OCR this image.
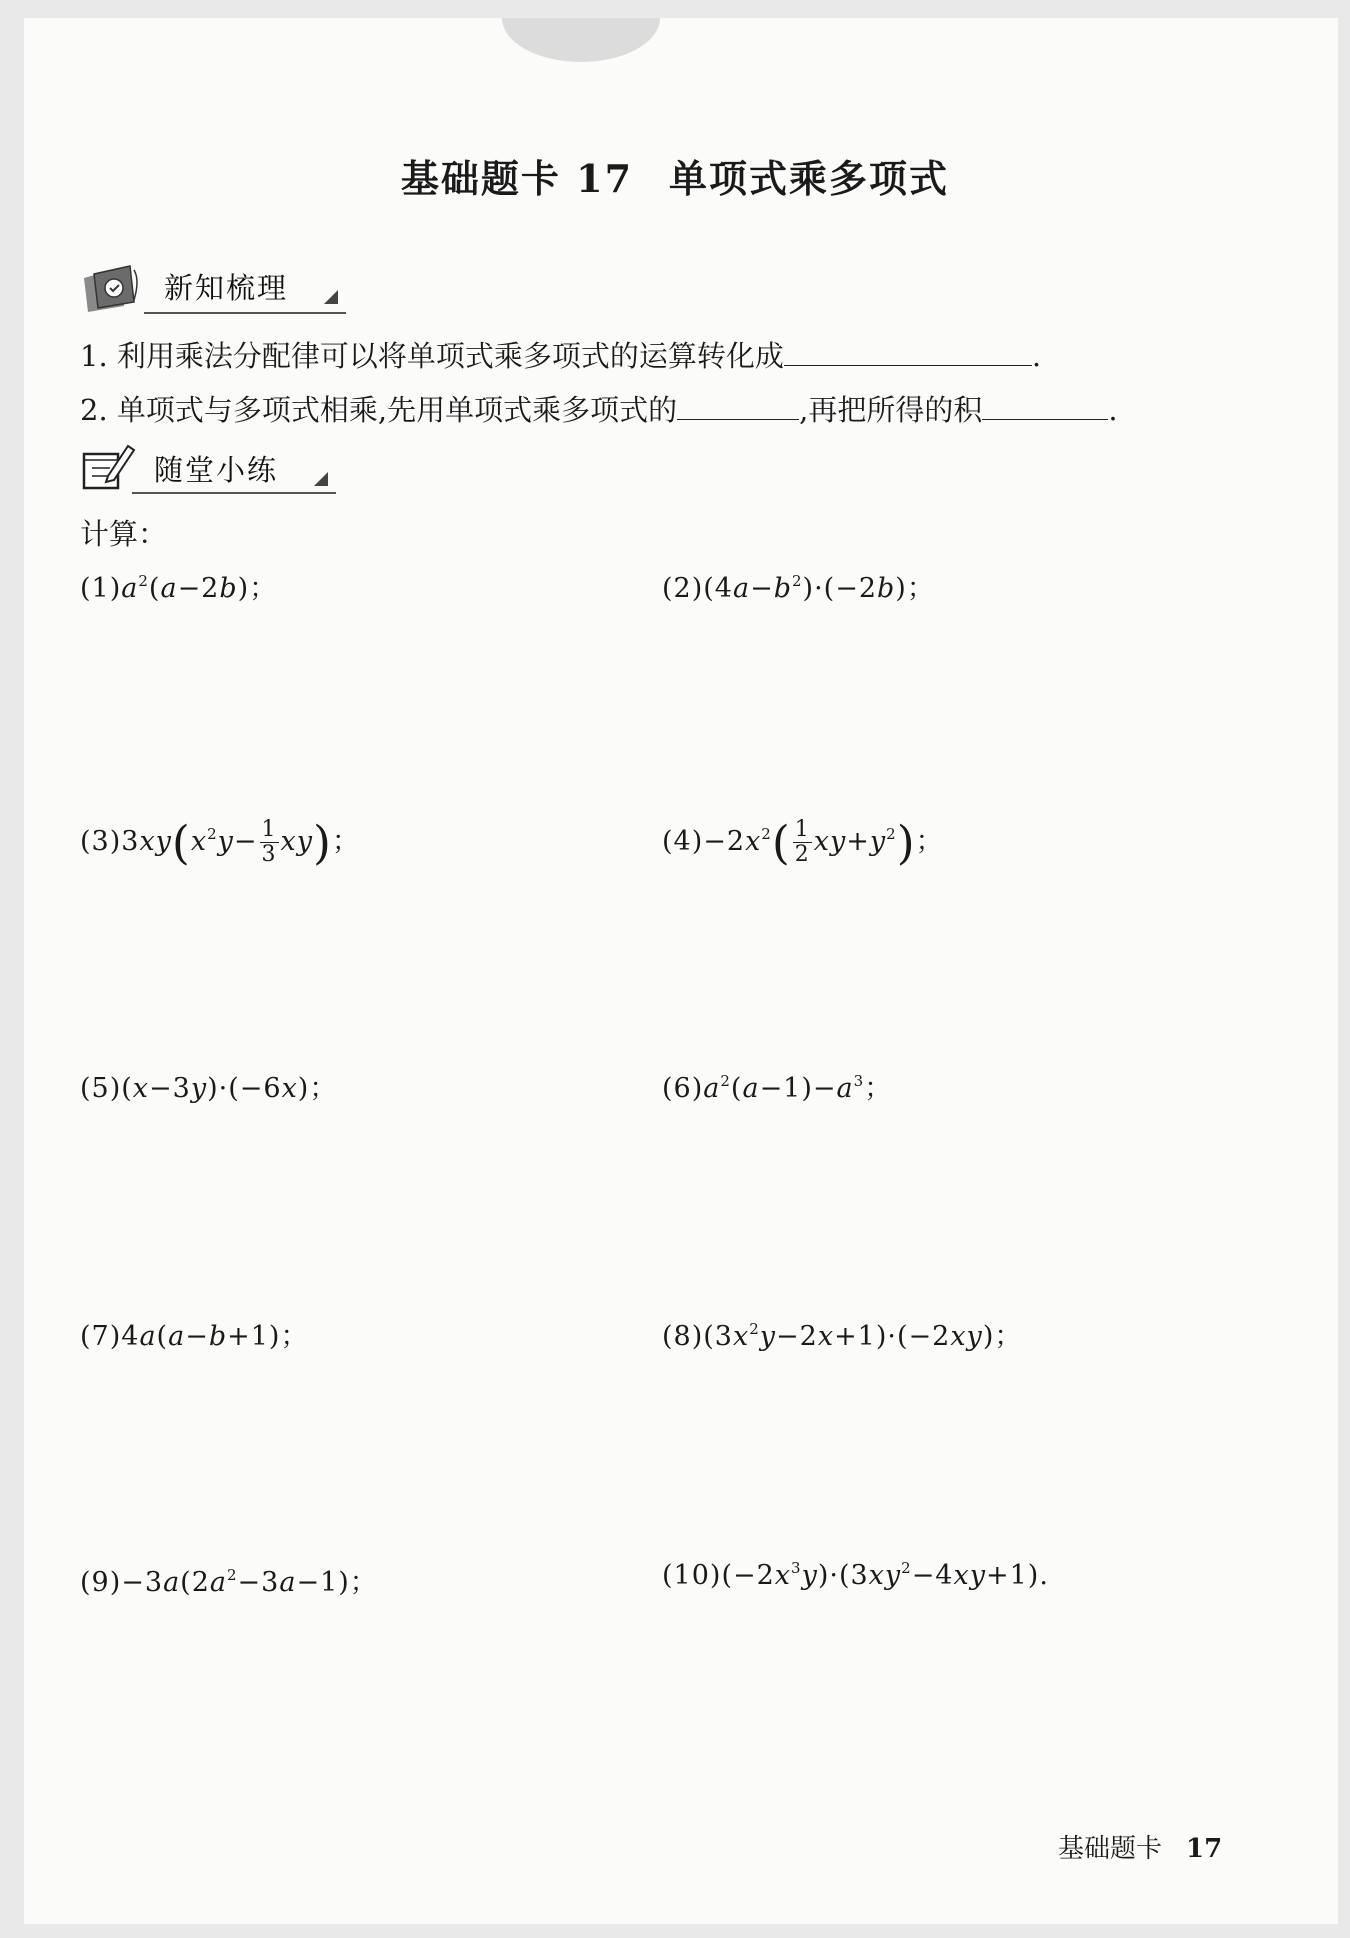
基础题卡 17 单项式乘多项式
新知梳理
1. 利用乘法分配律可以将单项式乘多项式的运算转化成	.
2. 单项式与多项式相乘,先用单项式乘多项式的	,再把所得的积	.
随堂小练
计算：
$(1)a^2(a-2b)$；	$(2)(4a-b^2)\cdot(-2b)$；
$(3)3xy(x^2y- \frac{1}{3} xy)$；	$(4)-2x^2( \frac{1}{2} xy+y^2)$；
(5)(x−3y)·(−6x)；	$(6)a^2(a-1)-a^3$；
(7)4a(a−b+1)；	$(8)(3x^2y-2x+1)\cdot(-2xy)$；
$(9)-3a(2a^2-3a-1)$；	$(10)(-2x^3y)\cdot(3xy^2-4xy+1)$.
基础题卡 17
